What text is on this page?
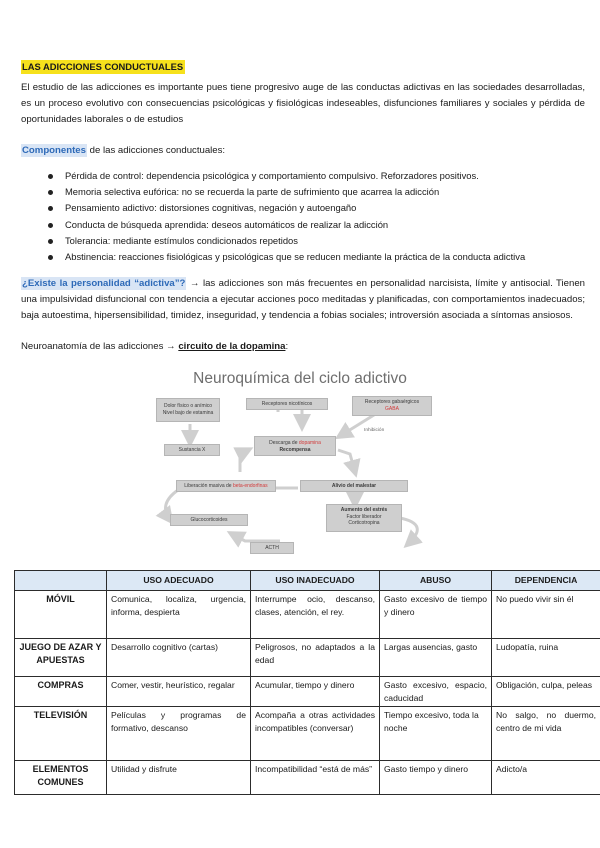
LAS ADICCIONES CONDUCTUALES

El estudio de las adicciones es importante pues tiene progresivo auge de las conductas adictivas en las sociedades desarrolladas, es un proceso evolutivo con consecuencias psicológicas y fisiológicas indeseables, disfunciones familiares y sociales y pérdida de oportunidades laborales o de estudios

Componentes de las adicciones conductuales:
Pérdida de control: dependencia psicológica y comportamiento compulsivo. Reforzadores positivos.
Memoria selectiva eufórica: no se recuerda la parte de sufrimiento que acarrea la adicción
Pensamiento adictivo: distorsiones cognitivas, negación y autoengaño
Conducta de búsqueda aprendida: deseos automáticos de realizar la adicción
Tolerancia: mediante estímulos condicionados repetidos
Abstinencia: reacciones fisiológicas y psicológicas que se reducen mediante la práctica de la conducta adictiva

¿Existe la personalidad “adictiva”? → las adicciones son más frecuentes en personalidad narcisista, límite y antisocial. Tienen una impulsividad disfuncional con tendencia a ejecutar acciones poco meditadas y planificadas, con comportamientos inadecuados; baja autoestima, hipersensibilidad, timidez, inseguridad, y tendencia a fobias sociales; introversión asociada a síntomas ansiosos.

Neuroanatomía de las adicciones → circuito de la dopamina:
Neuroquímica del ciclo adictivo
Dolor físico o anímico
Nivel bajo de estamina
Receptores nicotínicos	Receptores gabaérgicos
GABA
Inhibición
Descarga de dopamina
Recompensa
Sustancia X
Liberación masiva de beta-endorfinas	Alivio del malestar
Aumento del estrés
Factor liberador
Corticotropina
Glucocorticoides
ACTH
	USO ADECUADO	USO INADECUADO	ABUSO	DEPENDENCIA
MÓVIL	Comunica, localiza, urgencia, informa, despierta	Interrumpe ocio, descanso, clases, atención, el rey.	Gasto excesivo de tiempo y dinero	No puedo vivir sin él
JUEGO DE AZAR Y APUESTAS	Desarrollo cognitivo (cartas)	Peligrosos, no adaptados a la edad	Largas ausencias, gasto	Ludopatía, ruina
COMPRAS	Comer, vestir, heurístico, regalar	Acumular, tiempo y dinero	Gasto excesivo, espacio, caducidad	Obligación, culpa, peleas
TELEVISIÓN	Películas y programas de formativo, descanso	Acompaña a otras actividades incompatibles (conversar)	Tiempo excesivo, toda la noche	No salgo, no duermo, centro de mi vida
ELEMENTOS COMUNES	Utilidad y disfrute	Incompatibilidad “está de más”	Gasto tiempo y dinero	Adicto/a
